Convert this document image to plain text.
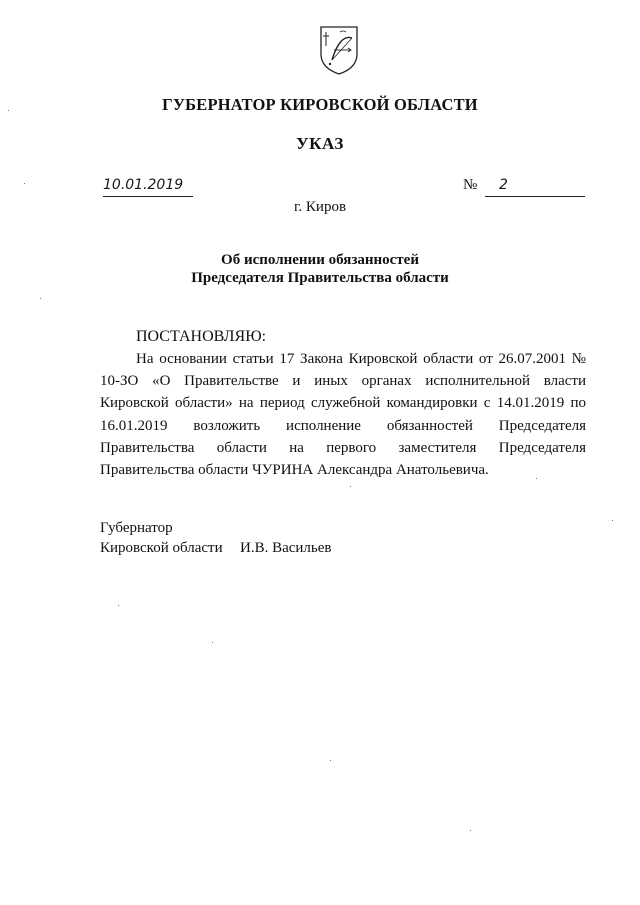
ГУБЕРНАТОР КИРОВСКОЙ ОБЛАСТИ
УКАЗ
10.01.2019	№ 2
г. Киров
Об исполнении обязанностей
Председателя Правительства области
ПОСТАНОВЛЯЮ:

На основании статьи 17 Закона Кировской области от 26.07.2001 № 10-ЗО «О Правительстве и иных органах исполнительной власти Кировской области» на период служебной командировки с 14.01.2019 по 16.01.2019 возложить исполнение обязанностей Председателя Правительства области на первого заместителя Председателя Правительства области ЧУРИНА Александра Анатольевича.

Губернатор
Кировской области И.В. Васильев
